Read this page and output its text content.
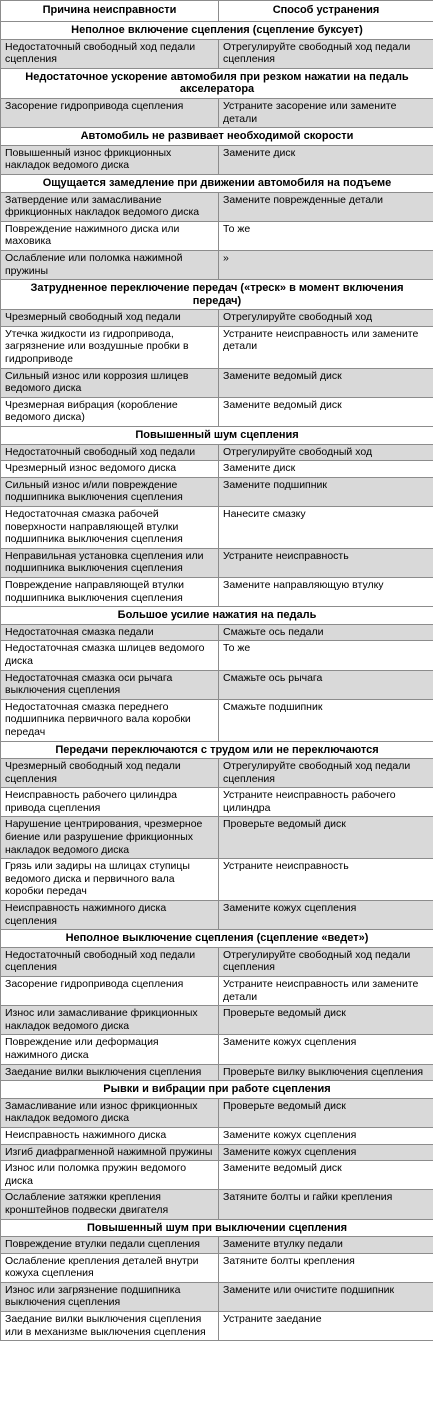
Причина неисправности	Способ устранения
Неполное включение сцепления (сцепление буксует)	
Недостаточный свободный ход педали сцепления	Отрегулируйте свободный ход педали сцепления
Недостаточное ускорение автомобиля при резком нажатии на педаль акселератора	
Засорение гидропривода сцепления	Устраните засорение или замените детали
Автомобиль не развивает необходимой скорости	
Повышенный износ фрикционных накладок ведомого диска	Замените диск
Ощущается замедление при движении автомобиля на подъеме	
Затвердение или замасливание фрикционных накладок ведомого диска	Замените поврежденные детали
Повреждение нажимного диска или маховика	То же
Ослабление или поломка нажимной пружины	»
Затрудненное переключение передач («треск» в момент включения передач)	
Чрезмерный свободный ход педали	Отрегулируйте свободный ход
Утечка жидкости из гидропривода, загрязнение или воздушные пробки в гидроприводе	Устраните неисправность или замените детали
Сильный износ или коррозия шлицев ведомого диска	Замените ведомый диск
Чрезмерная вибрация (коробление ведомого диска)	Замените ведомый диск
Повышенный шум сцепления	
Недостаточный свободный ход педали	Отрегулируйте свободный ход
Чрезмерный износ ведомого диска	Замените диск
Сильный износ и/или повреждение подшипника выключения сцепления	Замените подшипник
Недостаточная смазка рабочей поверхности направляющей втулки подшипника выключения сцепления	Нанесите смазку
Неправильная установка сцепления или подшипника выключения сцепления	Устраните неисправность
Повреждение направляющей втулки подшипника выключения сцепления	Замените направляющую втулку
Большое усилие нажатия на педаль	
Недостаточная смазка педали	Смажьте ось педали
Недостаточная смазка шлицев ведомого диска	То же
Недостаточная смазка оси рычага выключения сцепления	Смажьте ось рычага
Недостаточная смазка переднего подшипника первичного вала коробки передач	Смажьте подшипник
Передачи переключаются с трудом или не переключаются	
Чрезмерный свободный ход педали сцепления	Отрегулируйте свободный ход педали сцепления
Неисправность рабочего цилиндра привода сцепления	Устраните неисправность рабочего цилиндра
Нарушение центрирования, чрезмерное биение или разрушение фрикционных накладок ведомого диска	Проверьте ведомый диск
Грязь или задиры на шлицах ступицы ведомого диска и первичного вала коробки передач	Устраните неисправность
Неисправность нажимного диска сцепления	Замените кожух сцепления
Неполное выключение сцепления (сцепление «ведет»)	
Недостаточный свободный ход педали сцепления	Отрегулируйте свободный ход педали сцепления
Засорение гидропривода сцепления	Устраните неисправность или замените детали
Износ или замасливание фрикционных накладок ведомого диска	Проверьте ведомый диск
Повреждение или деформация нажимного диска	Замените кожух сцепления
Заедание вилки выключения сцепления	Проверьте вилку выключения сцепления
Рывки и вибрации при работе сцепления	
Замасливание или износ фрикционных накладок ведомого диска	Проверьте ведомый диск
Неисправность нажимного диска	Замените кожух сцепления
Изгиб диафрагменной нажимной пружины	Замените кожух сцепления
Износ или поломка пружин ведомого диска	Замените ведомый диск
Ослабление затяжки крепления кронштейнов подвески двигателя	Затяните болты и гайки крепления
Повышенный шум при выключении сцепления	
Повреждение втулки педали сцепления	Замените втулку педали
Ослабление крепления деталей внутри кожуха сцепления	Затяните болты крепления
Износ или загрязнение подшипника выключения сцепления	Замените или очистите подшипник
Заедание вилки выключения сцепления или в механизме выключения сцепления	Устраните заедание
